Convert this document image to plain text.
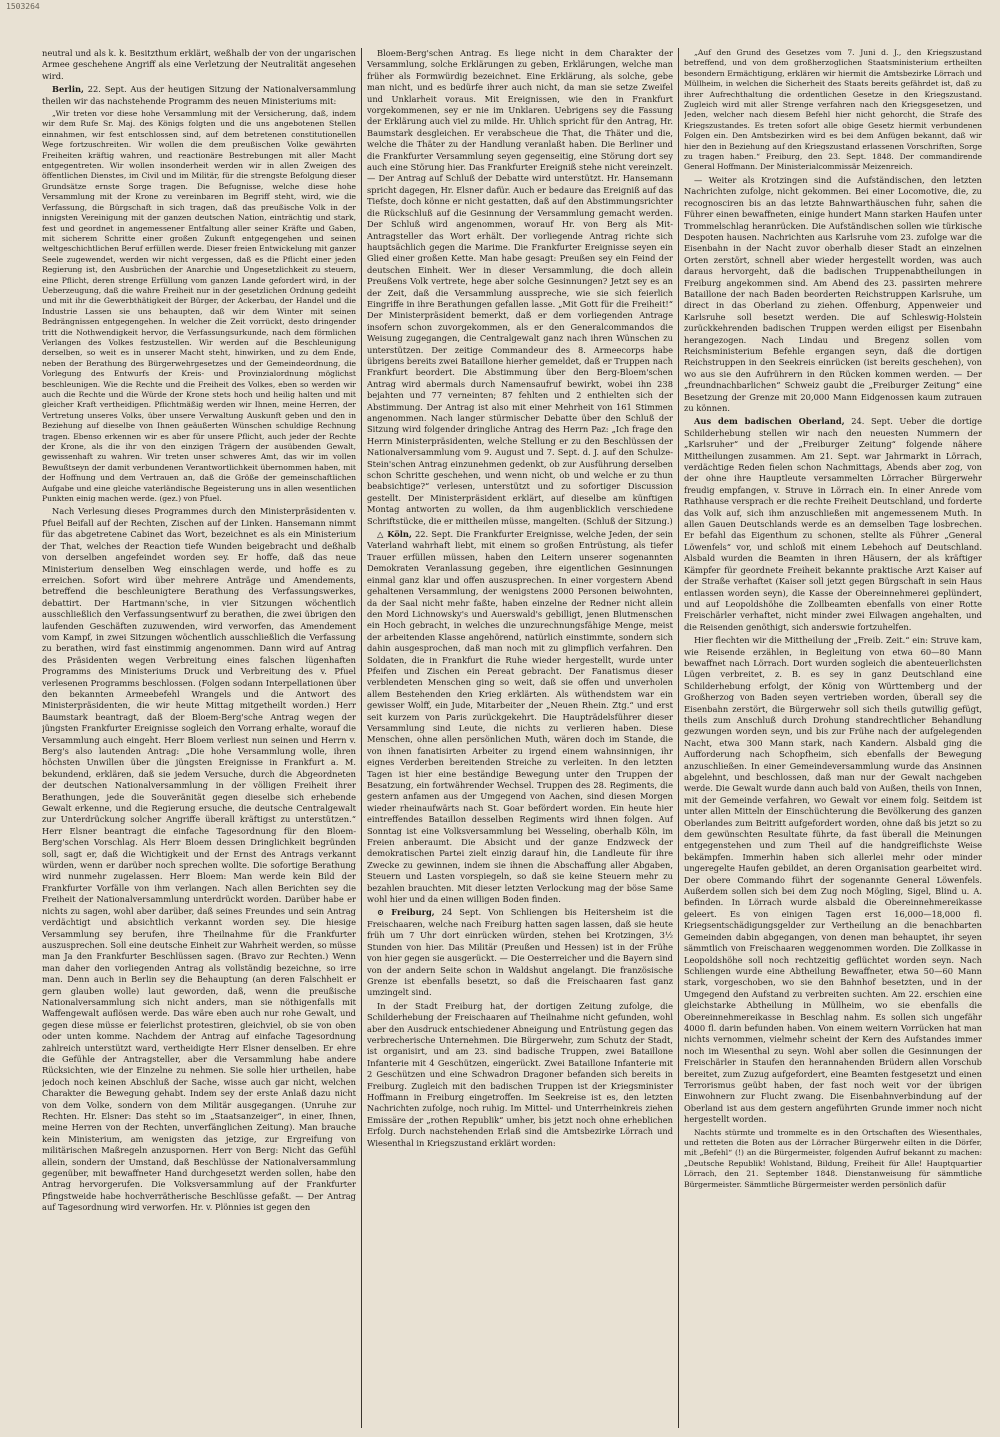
1503264

neutral und als k. k. Besitzthum erklärt, weßhalb der von der ungarischen Armee geschehene Angriff als eine Verletzung der Neutralität angesehen wird.

Berlin, 22. Sept. Aus der heutigen Sitzung der Nationalversammlung theilen wir das nachstehende Programm des neuen Ministeriums mit:

„Wir treten vor diese hohe Versammlung mit der Versicherung, daß, indem wir dem Rufe Sr. Maj. des Königs folgten und die uns angebotenen Stellen einnahmen, wir fest entschlossen sind, auf dem betretenen constitutionellen Wege fortzuschreiten. Wir wollen die dem preußischen Volke gewährten Freiheiten kräftig wahren, und reactionäre Bestrebungen mit aller Macht entgegentreten. Wir wollen insonderheit werden wir in allen Zweigen des öffentlichen Dienstes, im Civil und im Militär, für die strengste Befolgung dieser Grundsätze ernste Sorge tragen. Die Befugnisse, welche diese hohe Versammlung mit der Krone zu vereinbaren im Begriff steht, wird, wie die Verfassung, die Bürgschaft in sich tragen, daß das preußische Volk in der innigsten Vereinigung mit der ganzen deutschen Nation, einträchtig und stark, fest und geordnet in angemessener Entfaltung aller seiner Kräfte und Gaben, mit sicherem Schritte einer großen Zukunft entgegengehen und seinen weltgeschichtlichen Beruf erfüllen werde. Dieser freien Entwickelung mit ganzer Seele zugewendet, werden wir nicht vergessen, daß es die Pflicht einer jeden Regierung ist, den Ausbrüchen der Anarchie und Ungesetzlichkeit zu steuern, eine Pflicht, deren strenge Erfüllung vom ganzen Lande gefordert wird, in der Ueberzeugung, daß die wahre Freiheit nur in der gesetzlichen Ordnung gedeiht und mit ihr die Gewerbthätigkeit der Bürger, der Ackerbau, der Handel und die Industrie Lassen sie uns behaupten, daß wir dem Winter mit seinen Bedrängnissen entgegengehen. In welcher die Zeit vorrückt, desto dringender tritt die Nothwendigkeit hervor, die Verfassungsurkunde, nach dem förmlichen Verlangen des Volkes festzustellen. Wir werden auf die Beschleunigung derselben, so weit es in unserer Macht steht, hinwirken, und zu dem Ende, neben der Berathung des Bürgerwehrgesetzes und der Gemeindeordnung, die Vorlegung des Entwurfs der Kreis- und Provinzialordnung möglichst beschleunigen. Wie die Rechte und die Freiheit des Volkes, eben so werden wir auch die Rechte und die Würde der Krone stets hoch und heilig halten und mit gleicher Kraft vertheidigen. Pflichtmäßig werden wir Ihnen, meine Herren, der Vertretung unseres Volks, über unsere Verwaltung Auskunft geben und den in Beziehung auf dieselbe von Ihnen geäußerten Wünschen schuldige Rechnung tragen. Ebenso erkennen wir es aber für unsere Pflicht, auch jeder der Rechte der Krone, als die ihr von den einzigen Trägern der ausübenden Gewalt, gewissenhaft zu wahren. Wir treten unser schweres Amt, das wir im vollen Bewußtseyn der damit verbundenen Verantwortlichkeit übernommen haben, mit der Hoffnung und dem Vertrauen an, daß die Größe der gemeinschaftlichen Aufgabe und eine gleiche vaterländische Begeisterung uns in allen wesentlichen Punkten einig machen werde. (gez.) von Pfuel.

Nach Verlesung dieses Programmes durch den Ministerpräsidenten v. Pfuel Beifall auf der Rechten, Zischen auf der Linken. Hansemann nimmt für das abgetretene Cabinet das Wort, bezeichnet es als ein Ministerium der That, welches der Reaction tiefe Wunden beigebracht und deßhalb von derselben angefeindet worden sey. Er hoffe, daß das neue Ministerium denselben Weg einschlagen werde, und hoffe es zu erreichen. Sofort wird über mehrere Anträge und Amendements, betreffend die beschleunigtere Berathung des Verfassungswerkes, debattirt. Der Hartmann'sche, in vier Sitzungen wöchentlich ausschließlich den Verfassungsentwurf zu berathen, die zwei übrigen den laufenden Geschäften zuzuwenden, wird verworfen, das Amendement vom Kampf, in zwei Sitzungen wöchentlich ausschließlich die Verfassung zu berathen, wird fast einstimmig angenommen. Dann wird auf Antrag des Präsidenten wegen Verbreitung eines falschen lügenhaften Programms des Ministeriums Druck und Verbreitung des v. Pfuel verlesenen Programms beschlossen. (Folgen sodann Interpellationen über den bekannten Armeebefehl Wrangels und die Antwort des Ministerpräsidenten, die wir heute Mittag mitgetheilt worden.) Herr Baumstark beantragt, daß der Bloem-Berg'sche Antrag wegen der jüngsten Frankfurter Ereignisse sogleich den Vorrang erhalte, worauf die Versammlung auch eingeht. Herr Bloem verliest nun seinen und Herrn v. Berg's also lautenden Antrag: „Die hohe Versammlung wolle, ihren höchsten Unwillen über die jüngsten Ereignisse in Frankfurt a. M. bekundend, erklären, daß sie jedem Versuche, durch die Abgeordneten der deutschen Nationalversammlung in der völligen Freiheit ihrer Berathungen, jede die Souveränität gegen dieselbe sich erhebende Gewalt erkenne, und die Regierung ersuche, die deutsche Centralgewalt zur Unterdrückung solcher Angriffe überall kräftigst zu unterstützen.“ Herr Elsner beantragt die einfache Tagesordnung für den Bloem-Berg'schen Vorschlag. Als Herr Bloem dessen Dringlichkeit begründen soll, sagt er, daß die Wichtigkeit und der Ernst des Antrags verkannt würden, wenn er darüber noch sprechen wollte. Die sofortige Berathung wird nunmehr zugelassen. Herr Bloem: Man werde kein Bild der Frankfurter Vorfälle von ihm verlangen. Nach allen Berichten sey die Freiheit der Nationalversammlung unterdrückt worden. Darüber habe er nichts zu sagen, wohl aber darüber, daß seines Freundes und sein Antrag verdächtigt und absichtlich verkannt worden sey. Die hiesige Versammlung sey berufen, ihre Theilnahme für die Frankfurter auszusprechen. Soll eine deutsche Einheit zur Wahrheit werden, so müsse man Ja den Frankfurter Beschlüssen sagen. (Bravo zur Rechten.) Wenn man daher den vorliegenden Antrag als vollständig bezeichne, so irre man. Denn auch in Berlin sey die Behauptung (an deren Falschheit er gern glauben wolle) laut geworden, daß, wenn die preußische Nationalversammlung sich nicht anders, man sie nöthigenfalls mit Waffengewalt auflösen werde. Das wäre eben auch nur rohe Gewalt, und gegen diese müsse er feierlichst protestiren, gleichviel, ob sie von oben oder unten komme. Nachdem der Antrag auf einfache Tagesordnung zahlreich unterstützt ward, vertheidigte Herr Elsner denselben. Er ehre die Gefühle der Antragsteller, aber die Versammlung habe andere Rücksichten, wie der Einzelne zu nehmen. Sie solle hier urtheilen, habe jedoch noch keinen Abschluß der Sache, wisse auch gar nicht, welchen Charakter die Bewegung gehabt. Indem sey der erste Anlaß dazu nicht von dem Volke, sondern von dem Militär ausgegangen. (Unruhe zur Rechten. Hr. Elsner: Das steht so im „Staatsanzeiger“, in einer, Ihnen, meine Herren von der Rechten, unverfänglichen Zeitung). Man brauche kein Ministerium, am wenigsten das jetzige, zur Ergreifung von militärischen Maßregeln anzuspornen. Herr von Berg: Nicht das Gefühl allein, sondern der Umstand, daß Beschlüsse der Nationalversammlung gegenüber, mit bewaffneter Hand durchgesetzt werden sollen, habe den Antrag hervorgerufen. Die Volksversammlung auf der Frankfurter Pfingstweide habe hochverrätherische Beschlüsse gefaßt. — Der Antrag auf Tagesordnung wird verworfen. Hr. v. Plönnies ist gegen den

Bloem-Berg'schen Antrag. Es liege nicht in dem Charakter der Versammlung, solche Erklärungen zu geben, Erklärungen, welche man früher als Formwürdig bezeichnet. Eine Erklärung, als solche, gebe man nicht, und es bedürfe ihrer auch nicht, da man sie setze Zweifel und Unklarheit voraus. Mit Ereignissen, wie den in Frankfurt vorgekommenen, sey er nie im Unklaren. Uebrigens sey die Fassung der Erklärung auch viel zu milde. Hr. Uhlich spricht für den Antrag, Hr. Baumstark desgleichen. Er verabscheue die That, die Thäter und die, welche die Thäter zu der Handlung veranlaßt haben. Die Berliner und die Frankfurter Versammlung seyen gegenseitig, eine Störung dort sey auch eine Störung hier. Das Frankfurter Ereigniß stehe nicht vereinzelt. — Der Antrag auf Schluß der Debatte wird unterstützt. Hr. Hansemann spricht dagegen, Hr. Elsner dafür. Auch er bedaure das Ereigniß auf das Tiefste, doch könne er nicht gestatten, daß auf den Abstimmungsrichter die Rückschluß auf die Gesinnung der Versammlung gemacht werden. Der Schluß wird angenommen, worauf Hr. von Berg als Mit-Antragsteller das Wort erhält. Der vorliegende Antrag richte sich hauptsächlich gegen die Marime. Die Frankfurter Ereignisse seyen ein Glied einer großen Kette. Man habe gesagt: Preußen sey ein Feind der deutschen Einheit. Wer in dieser Versammlung, die doch allein Preußens Volk vertrete, hege aber solche Gesinnungen? Jetzt sey es an der Zeit, daß die Versammlung ausspreche, wie sie sich feierlich Eingriffe in ihre Berathungen gefallen lasse. „Mit Gott für die Freiheit!“ Der Ministerpräsident bemerkt, daß er dem vorliegenden Antrage insofern schon zuvorgekommen, als er den Generalcommandos die Weisung zugegangen, die Centralgewalt ganz nach ihren Wünschen zu unterstützen. Der zeitige Commandeur des 8. Armeecorps habe übrigens bereits zwei Bataillone hierher gemeldet, daß er Truppen nach Frankfurt beordert. Die Abstimmung über den Berg-Bloem'schen Antrag wird abermals durch Namensaufruf bewirkt, wobei ihn 238 bejahten und 77 verneinten; 87 fehlten und 2 enthielten sich der Abstimmung. Der Antrag ist also mit einer Mehrheit von 161 Stimmen angenommen. Nach langer stürmischer Debatte über den Schluß der Sitzung wird folgender dringliche Antrag des Herrn Paz: „Ich frage den Herrn Ministerpräsidenten, welche Stellung er zu den Beschlüssen der Nationalversammlung vom 9. August und 7. Sept. d. J. auf den Schulze-Stein'schen Antrag einzunehmen gedenkt, ob zur Ausführung derselben schon Schritte geschehen, und wenn nicht, ob und welche er zu thun beabsichtige?“ verlesen, unterstützt und zu sofortiger Discussion gestellt. Der Ministerpräsident erklärt, auf dieselbe am künftigen Montag antworten zu wollen, da ihm augenblicklich verschiedene Schriftstücke, die er mittheilen müsse, mangelten. (Schluß der Sitzung.)

△ Köln, 22. Sept. Die Frankfurter Ereignisse, welche Jeden, der sein Vaterland wahrhaft liebt, mit einem so großen Entrüstung, als tiefer Trauer erfüllen müssen, haben den Leitern unserer sogenannten Demokraten Veranlassung gegeben, ihre eigentlichen Gesinnungen einmal ganz klar und offen auszusprechen. In einer vorgestern Abend gehaltenen Versammlung, der wenigstens 2000 Personen beiwohnten, da der Saal nicht mehr faßte, haben einzelne der Redner nicht allein den Mord Lichnowsky's und Auerswald's gebilligt, jenen Blutmenschen ein Hoch gebracht, in welches die unzurechnungsfähige Menge, meist der arbeitenden Klasse angehörend, natürlich einstimmte, sondern sich dahin ausgesprochen, daß man noch mit zu glimpflich verfahren. Den Soldaten, die in Frankfurt die Ruhe wieder hergestellt, wurde unter Pfeifen und Zischen ein Pereat gebracht. Der Fanatismus dieser verblendeten Menschen ging so weit, daß sie offen und unverholen allem Bestehenden den Krieg erklärten. Als wüthendstem war ein gewisser Wolff, ein Jude, Mitarbeiter der „Neuen Rhein. Ztg.“ und erst seit kurzem von Paris zurückgekehrt. Die Haupträdelsführer dieser Versammlung sind Leute, die nichts zu verlieren haben. Diese Menschen, ohne allen persönlichen Muth, wären doch im Stande, die von ihnen fanatisirten Arbeiter zu irgend einem wahnsinnigen, ihr eignes Verderben bereitenden Streiche zu verleiten. In den letzten Tagen ist hier eine beständige Bewegung unter den Truppen der Besatzung, ein fortwährender Wechsel. Truppen des 28. Regiments, die gestern anfamen aus der Umgegend von Aachen, sind diesen Morgen wieder rheinaufwärts nach St. Goar befördert worden. Ein heute hier eintreffendes Bataillon desselben Regiments wird ihnen folgen. Auf Sonntag ist eine Volksversammlung bei Wesseling, oberhalb Köln, im Freien anberaumt. Die Absicht und der ganze Endzweck der demokratischen Partei zielt einzig darauf hin, die Landleute für ihre Zwecke zu gewinnen, indem sie ihnen die Abschaffung aller Abgaben, Steuern und Lasten vorspiegeln, so daß sie keine Steuern mehr zu bezahlen brauchten. Mit dieser letzten Verlockung mag der böse Same wohl hier und da einen willigen Boden finden.

⊙ Freiburg, 24 Sept. Von Schliengen bis Heitersheim ist die Freischaaren, welche nach Freiburg hatten sagen lassen, daß sie heute früh um 7 Uhr dort einrücken würden, stehen bei Krotzingen, 3½ Stunden von hier. Das Militär (Preußen und Hessen) ist in der Frühe von hier gegen sie ausgerückt. — Die Oesterreicher und die Bayern sind von der andern Seite schon in Waldshut angelangt. Die französische Grenze ist ebenfalls besetzt, so daß die Freischaaren fast ganz umzingelt sind.

In der Stadt Freiburg hat, der dortigen Zeitung zufolge, die Schilderhebung der Freischaaren auf Theilnahme nicht gefunden, wohl aber den Ausdruck entschiedener Abneigung und Entrüstung gegen das verbrecherische Unternehmen. Die Bürgerwehr, zum Schutz der Stadt, ist organisirt, und am 23. sind badische Truppen, zwei Bataillone Infanterie mit 4 Geschützen, eingerückt. Zwei Bataillone Infanterie mit 2 Geschützen und eine Schwadron Dragoner befanden sich bereits in Freiburg. Zugleich mit den badischen Truppen ist der Kriegsminister Hoffmann in Freiburg eingetroffen. Im Seekreise ist es, den letzten Nachrichten zufolge, noch ruhig. Im Mittel- und Unterrheinkreis ziehen Emissäre der „rothen Republik“ umher, bis jetzt noch ohne erheblichen Erfolg. Durch nachstehenden Erlaß sind die Amtsbezirke Lörrach und Wiesenthal in Kriegszustand erklärt worden:

„Auf den Grund des Gesetzes vom 7. Juni d. J., den Kriegszustand betreffend, und von dem großherzoglichen Staatsministerium ertheilten besondern Ermächtigung, erklären wir hiermit die Amtsbezirke Lörrach und Müllheim, in welchen die Sicherheit des Staats bereits gefährdet ist, daß zu ihrer Aufrechthaltung die ordentlichen Gesetze in den Kriegszustand. Zugleich wird mit aller Strenge verfahren nach den Kriegsgesetzen, und Jeden, welcher nach diesem Befehl hier nicht gehorcht, die Strafe des Kriegszustandes. Es treten sofort alle obige Gesetz hiermit verbundenen Folgen ein. Den Amtsbezirken wird es bei dem Anfügen bekannt, daß wir hier den in Beziehung auf den Kriegszustand erlassenen Vorschriften, Sorge zu tragen haben.“ Freiburg, den 23. Sept. 1848. Der commandirende General Hoffmann. Der Ministerialcommissär Meizenreich.

— Weiter als Krotzingen sind die Aufständischen, den letzten Nachrichten zufolge, nicht gekommen. Bei einer Locomotive, die, zu recognosciren bis an das letzte Bahnwarthäuschen fuhr, sahen die Führer einen bewaffneten, einige hundert Mann starken Haufen unter Trommelschlag heranrücken. Die Aufständischen sollen wie türkische Despoten hausen. Nachrichten aus Karlsruhe vom 23. zufolge war die Eisenbahn in der Nacht zuvor oberhalb dieser Stadt an einzelnen Orten zerstört, schnell aber wieder hergestellt worden, was auch daraus hervorgeht, daß die badischen Truppenabtheilungen in Freiburg angekommen sind. Am Abend des 23. passirten mehrere Bataillone der nach Baden beorderten Reichstruppen Karlsruhe, um direct in das Oberland zu ziehen. Offenburg, Appenweier und Karlsruhe soll besetzt werden. Die auf Schleswig-Holstein zurückkehrenden badischen Truppen werden eiligst per Eisenbahn herangezogen. Nach Lindau und Bregenz sollen vom Reichsministerium Befehle ergangen seyn, daß die dortigen Reichstruppen in den Seekreis einrücken (ist bereits geschehen), von wo aus sie den Aufrührern in den Rücken kommen werden. — Der „freundnachbarlichen“ Schweiz gaubt die „Freiburger Zeitung“ eine Besetzung der Grenze mit 20,000 Mann Eidgenossen kaum zutrauen zu können.

Aus dem badischen Oberland, 24. Sept. Ueber die dortige Schilderhebung stellen wir nach den neuesten Nummern der „Karlsruher“ und der „Freiburger Zeitung“ folgende nähere Mittheilungen zusammen. Am 21. Sept. war Jahrmarkt in Lörrach, verdächtige Reden fielen schon Nachmittags, Abends aber zog, von der ohne ihre Hauptleute versammelten Lörracher Bürgerwehr freudig empfangen, v. Struve in Lörrach ein. In einer Anrede vom Rathhause versprach er die rechte Freiheit Deutschland, und forderte das Volk auf, sich ihm anzuschließen mit angemessenem Muth. In allen Gauen Deutschlands werde es an demselben Tage losbrechen. Er befahl das Eigenthum zu schonen, stellte als Führer „General Löwenfels“ vor, und schloß mit einem Lebehoch auf Deutschland. Alsbald wurden die Beamten in ihren Häusern, der als kräftiger Kämpfer für geordnete Freiheit bekannte praktische Arzt Kaiser auf der Straße verhaftet (Kaiser soll jetzt gegen Bürgschaft in sein Haus entlassen worden seyn), die Kasse der Obereinnehmerei geplündert, und auf Leopoldshöhe die Zollbeamten ebenfalls von einer Rotte Freischärler verhaftet, nicht minder zwei Eilwagen angehalten, und die Reisenden genöthigt, sich anderswie fortzuhelfen.

Hier flechten wir die Mittheilung der „Freib. Zeit.“ ein: Struve kam, wie Reisende erzählen, in Begleitung von etwa 60—80 Mann bewaffnet nach Lörrach. Dort wurden sogleich die abenteuerlichsten Lügen verbreitet, z. B. es sey in ganz Deutschland eine Schilderhebung erfolgt, der König von Württemberg und der Großherzog von Baden seyen vertrieben worden, überall sey die Eisenbahn zerstört, die Bürgerwehr soll sich theils gutwillig gefügt, theils zum Anschluß durch Drohung standrechtlicher Behandlung gezwungen worden seyn, und bis zur Frühe nach der aufgelegenden Nacht, etwa 300 Mann stark, nach Kandern. Alsbald ging die Aufforderung nach Schopfheim, sich ebenfalls der Bewegung anzuschließen. In einer Gemeindeversammlung wurde das Ansinnen abgelehnt, und beschlossen, daß man nur der Gewalt nachgeben werde. Die Gewalt wurde dann auch bald von Außen, theils von Innen, mit der Gemeinde verfahren, wo Gewalt vor einem folg. Seitdem ist unter allen Mitteln der Einschüchterung die Bevölkerung des ganzen Oberlandes zum Beitritt aufgefordert worden, ohne daß bis jetzt so zu dem gewünschten Resultate führte, da fast überall die Meinungen entgegenstehen und zum Theil auf die handgreiflichste Weise bekämpfen. Immerhin haben sich allerlei mehr oder minder ungeregelte Haufen gebildet, an deren Organisation gearbeitet wird. Der obere Commando führt der sogenannte General Löwenfels. Außerdem sollen sich bei dem Zug noch Mögling, Sigel, Blind u. A. befinden. In Lörrach wurde alsbald die Obereinnehmereikasse geleert. Es von einigen Tagen erst 16,000—18,000 fl. Kriegsentschädigungsgelder zur Vertheilung an die benachbarten Gemeinden dabin abgegangen, von denen man behauptet, ihr seyen sämmtlich von Freischaaren weggenommen worden. Die Zollkasse in Leopoldshöhe soll noch rechtzeitig geflüchtet worden seyn. Nach Schliengen wurde eine Abtheilung Bewaffneter, etwa 50—60 Mann stark, vorgeschoben, wo sie den Bahnhof besetzten, und in der Umgegend den Aufstand zu verbreiten suchten. Am 22. erschien eine gleichstarke Abtheilung in Müllheim, wo sie ebenfalls die Obereinnehmereikasse in Beschlag nahm. Es sollen sich ungefähr 4000 fl. darin befunden haben. Von einem weitern Vorrücken hat man nichts vernommen, vielmehr scheint der Kern des Aufstandes immer noch im Wiesenthal zu seyn. Wohl aber sollen die Gesinnungen der Freischärler in Staufen den herannahenden Brüdern allen Vorschub bereitet, zum Zuzug aufgefordert, eine Beamten festgesetzt und einen Terrorismus geübt haben, der fast noch weit vor der übrigen Einwohnern zur Flucht zwang. Die Eisenbahnverbindung auf der Oberland ist aus dem gestern angeführten Grunde immer noch nicht hergestellt worden.

Nachts stürmte und trommelte es in den Ortschaften des Wiesenthales, und retteten die Boten aus der Lörracher Bürgerwehr eilten in die Dörfer, mit „Befehl“ (!) an die Bürgermeister, folgenden Aufruf bekannt zu machen: „Deutsche Republik! Wohlstand, Bildung, Freiheit für Alle! Hauptquartier Lörrach, den 21. September 1848. Dienstanweisung für sämmtliche Bürgermeister. Sämmtliche Bürgermeister werden persönlich dafür
